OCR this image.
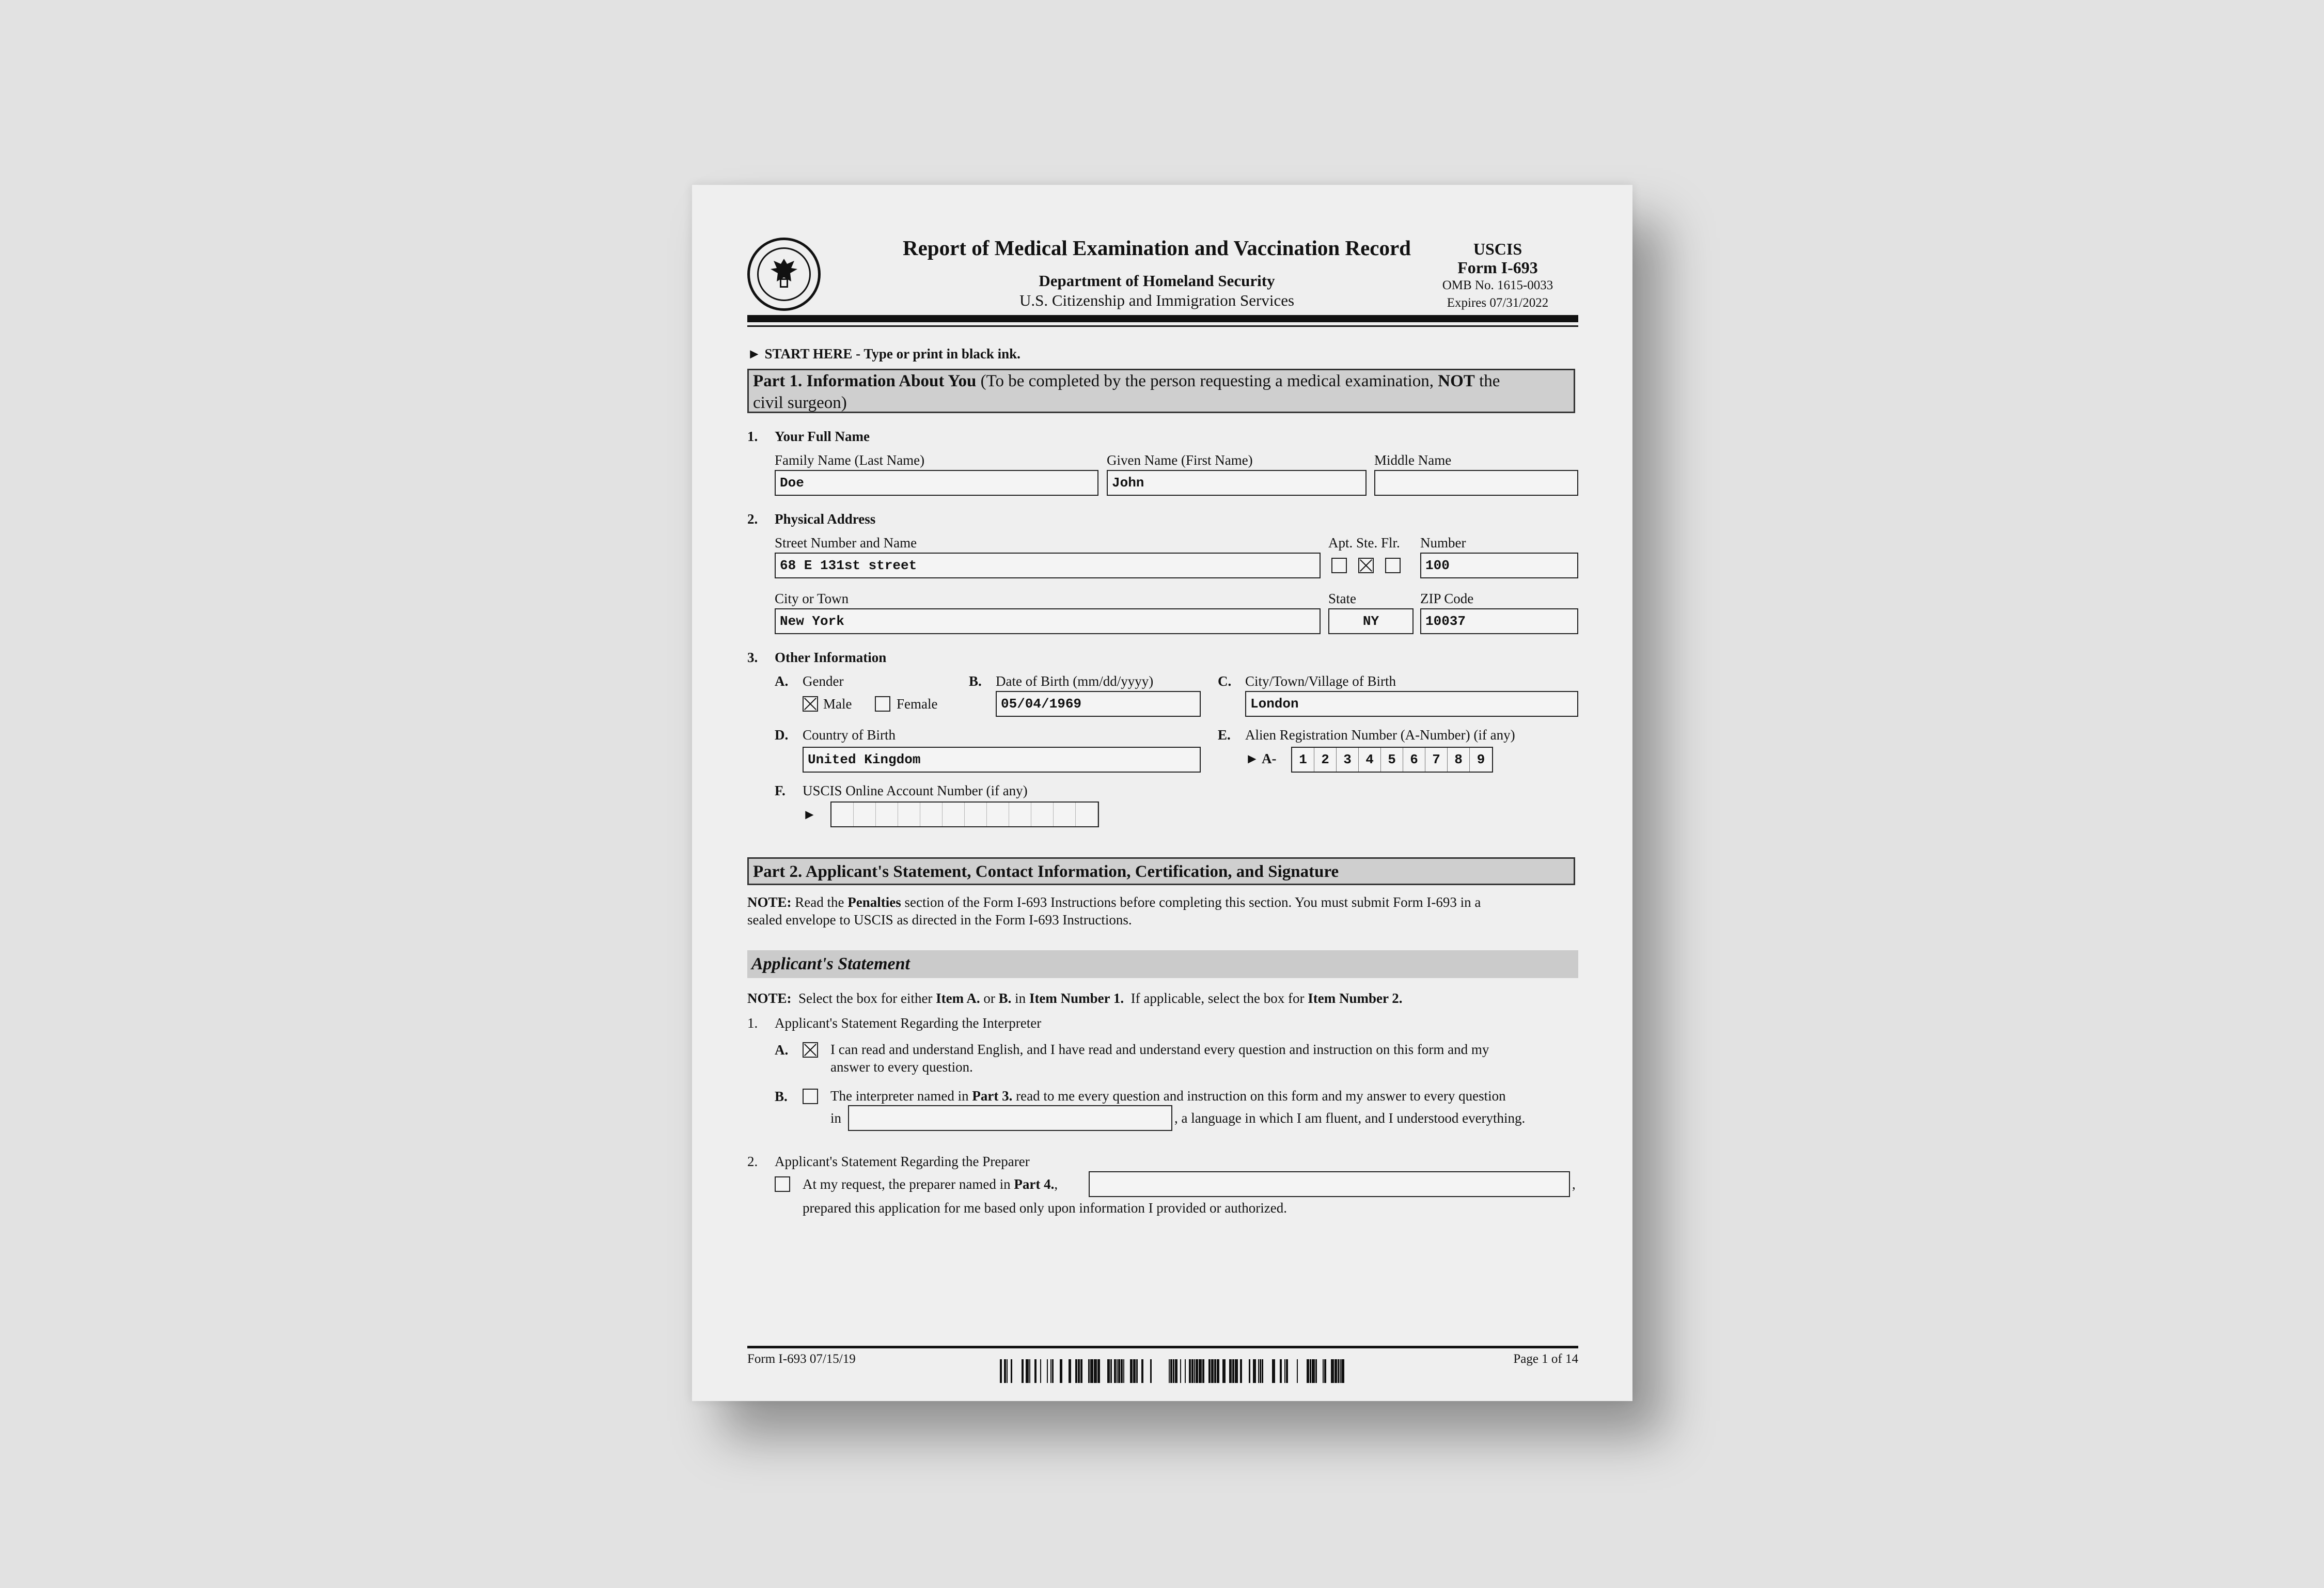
Report of Medical Examination and Vaccination Record
Department of Homeland Security
U.S. Citizenship and Immigration Services
USCIS
Form I-693
OMB No. 1615-0033
Expires 07/31/2022
► START HERE - Type or print in black ink.
Part 1. Information About You (To be completed by the person requesting a medical examination, NOT the
civil surgeon)
1. Your Full Name
Family Name (Last Name)
Doe
Given Name (First Name)
John
Middle Name
2. Physical Address
Street Number and Name
68 E 131st street
Apt. Ste. Flr. Number
100
City or Town
New York
State
NY
ZIP Code
10037
3. Other Information
A. Gender
Male	Female
B. Date of Birth (mm/dd/yyyy)
05/04/1969
C. City/Town/Village of Birth
London
D. Country of Birth
United Kingdom
E. Alien Registration Number (A-Number) (if any)
► A-	1	2	3	4	5	6	7	8	9
F. USCIS Online Account Number (if any)
►
Part 2. Applicant's Statement, Contact Information, Certification, and Signature
NOTE: Read the Penalties section of the Form I-693 Instructions before completing this section. You must submit Form I-693 in a
sealed envelope to USCIS as directed in the Form I-693 Instructions.
Applicant's Statement
NOTE: Select the box for either Item A. or B. in Item Number 1. If applicable, select the box for Item Number 2.
1. Applicant's Statement Regarding the Interpreter
A.	I can read and understand English, and I have read and understand every question and instruction on this form and my
answer to every question.
B.	The interpreter named in Part 3. read to me every question and instruction on this form and my answer to every question
in	, a language in which I am fluent, and I understood everything.
2. Applicant's Statement Regarding the Preparer
At my request, the preparer named in Part 4.,	,
prepared this application for me based only upon information I provided or authorized.
Form I-693 07/15/19	Page 1 of 14
